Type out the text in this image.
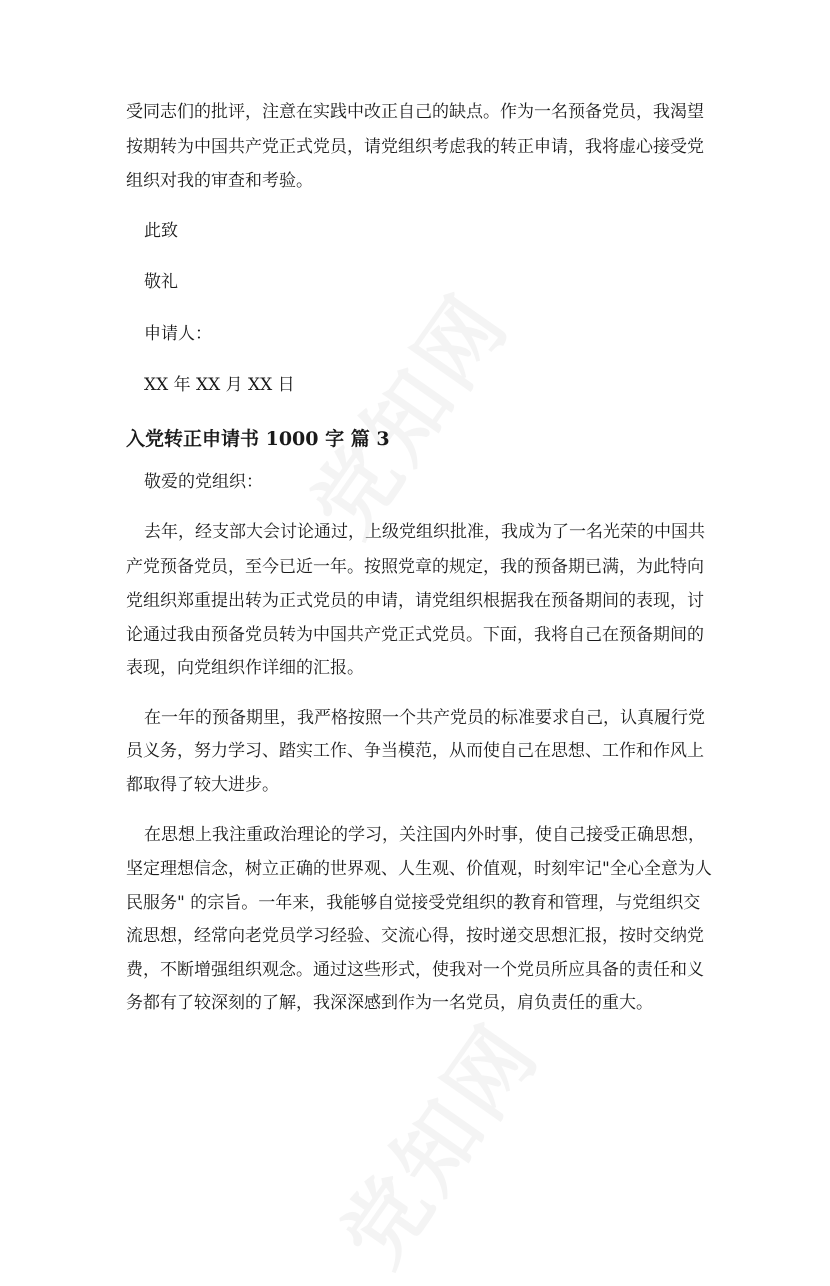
受同志们的批评，注意在实践中改正自己的缺点。作为一名预备党员，我渴望
按期转为中国共产党正式党员，请党组织考虑我的转正申请，我将虚心接受党
组织对我的审查和考验。
此致
敬礼
申请人：
XX 年 XX 月 XX 日
入党转正申请书 1000 字 篇 3
敬爱的党组织：
去年，经支部大会讨论通过，上级党组织批准，我成为了一名光荣的中国共
产党预备党员，至今已近一年。按照党章的规定，我的预备期已满，为此特向
党组织郑重提出转为正式党员的申请，请党组织根据我在预备期间的表现，讨
论通过我由预备党员转为中国共产党正式党员。下面，我将自己在预备期间的
表现，向党组织作详细的汇报。
在一年的预备期里，我严格按照一个共产党员的标准要求自己，认真履行党
员义务，努力学习、踏实工作、争当模范，从而使自己在思想、工作和作风上
都取得了较大进步。
在思想上我注重政治理论的学习，关注国内外时事，使自己接受正确思想，
坚定理想信念，树立正确的世界观、人生观、价值观，时刻牢记"全心全意为人
民服务" 的宗旨。一年来，我能够自觉接受党组织的教育和管理，与党组织交
流思想，经常向老党员学习经验、交流心得，按时递交思想汇报，按时交纳党
费，不断增强组织观念。通过这些形式，使我对一个党员所应具备的责任和义
务都有了较深刻的了解，我深深感到作为一名党员，肩负责任的重大。
